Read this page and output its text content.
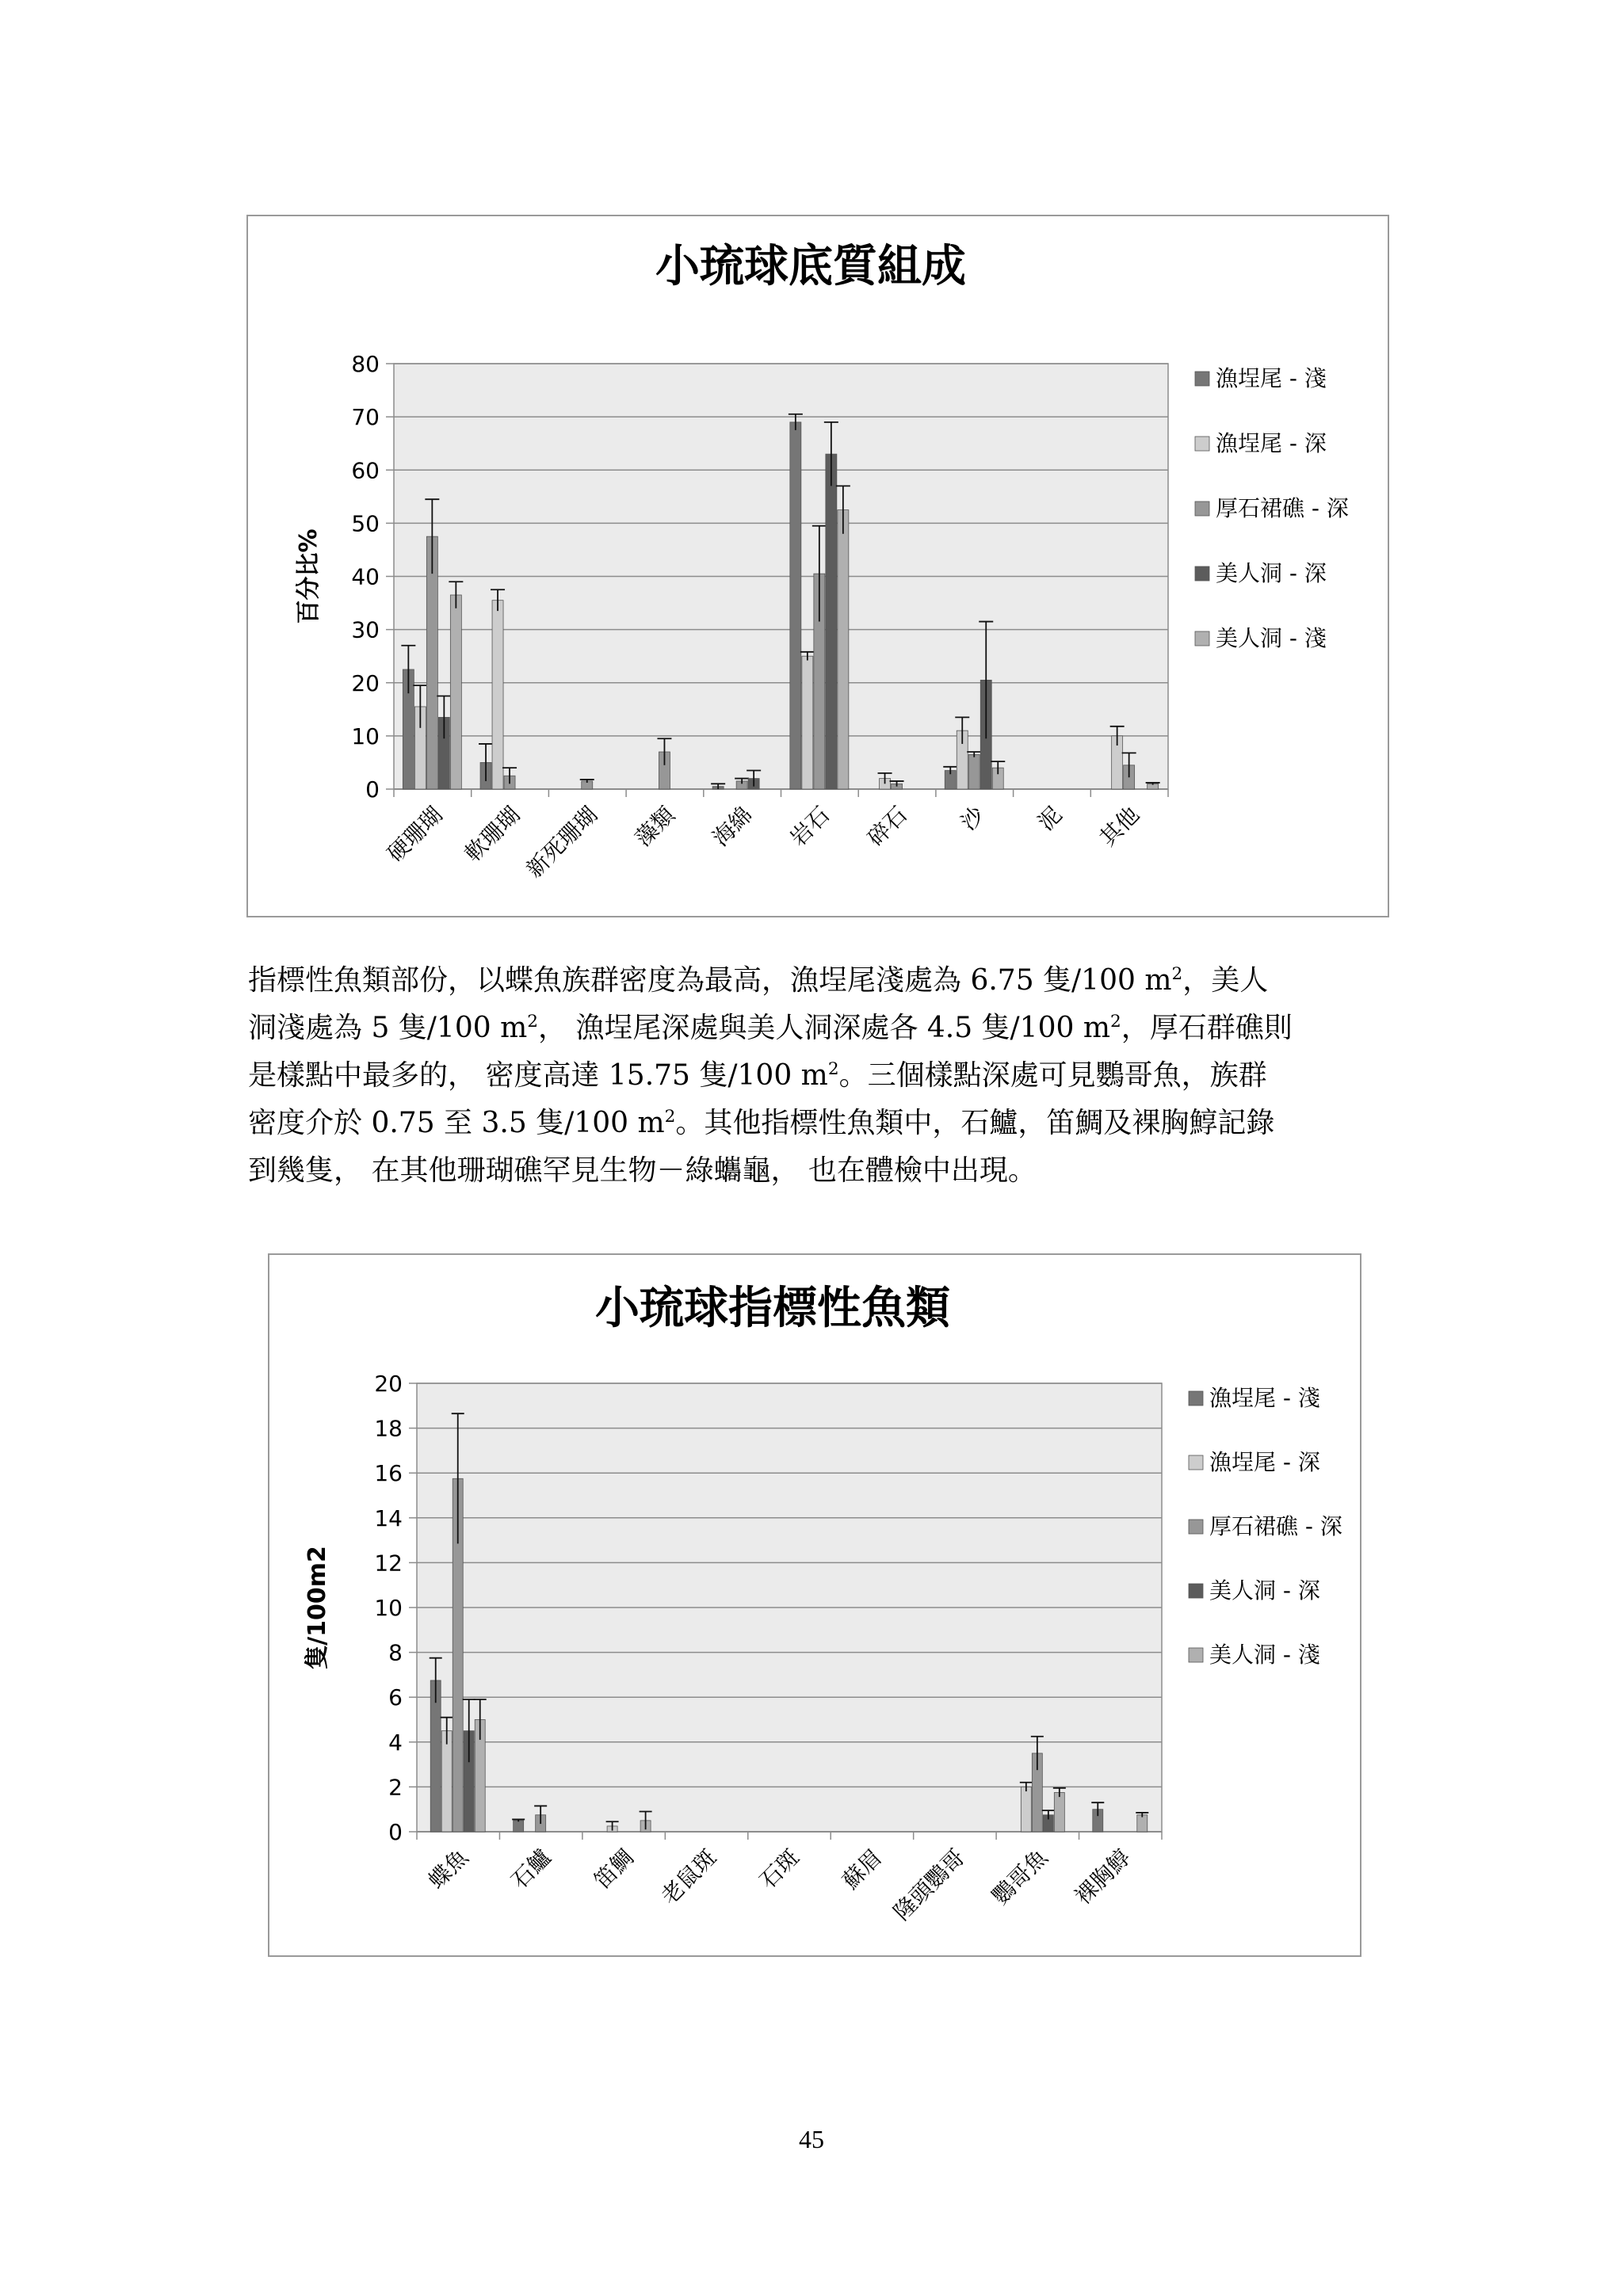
小琉球底質組成
0
10
20
30
40
50
60
70
80
百分比%
硬珊瑚 軟珊瑚
新死珊瑚 藻類 海綿 岩石 碎石 沙 泥 其他
漁埕尾 - 淺
漁埕尾 - 深
厚石裙礁 - 深
美人洞 - 深
美人洞 - 淺

指標性魚類部份，以蝶魚族群密度為最高，漁埕尾淺處為 6.75 隻/100 $m^2$，美人

洞淺處為 5 隻/100 $m^2$， 漁埕尾深處與美人洞深處各 4.5 隻/100 $m^2$，厚石群礁則

是樣點中最多的， 密度高達 15.75 隻/100 $m^2$。三個樣點深處可見鸚哥魚，族群

密度介於 0.75 至 3.5 隻/100 $m^2$。其他指標性魚類中，石鱸，笛鯛及裸胸鯙記錄

到幾隻， 在其他珊瑚礁罕見生物－綠蠵龜， 也在體檢中出現。

小琉球指標性魚類
0
2
4
6
8
10
12
14
16
18
20
隻/100m2
蝶魚 石鱸 笛鯛 老鼠斑 石斑 蘇眉 隆頭鸚哥 鸚哥魚 裸胸鯙
漁埕尾 - 淺
漁埕尾 - 深
厚石裙礁 - 深
美人洞 - 深
美人洞 - 淺
45
